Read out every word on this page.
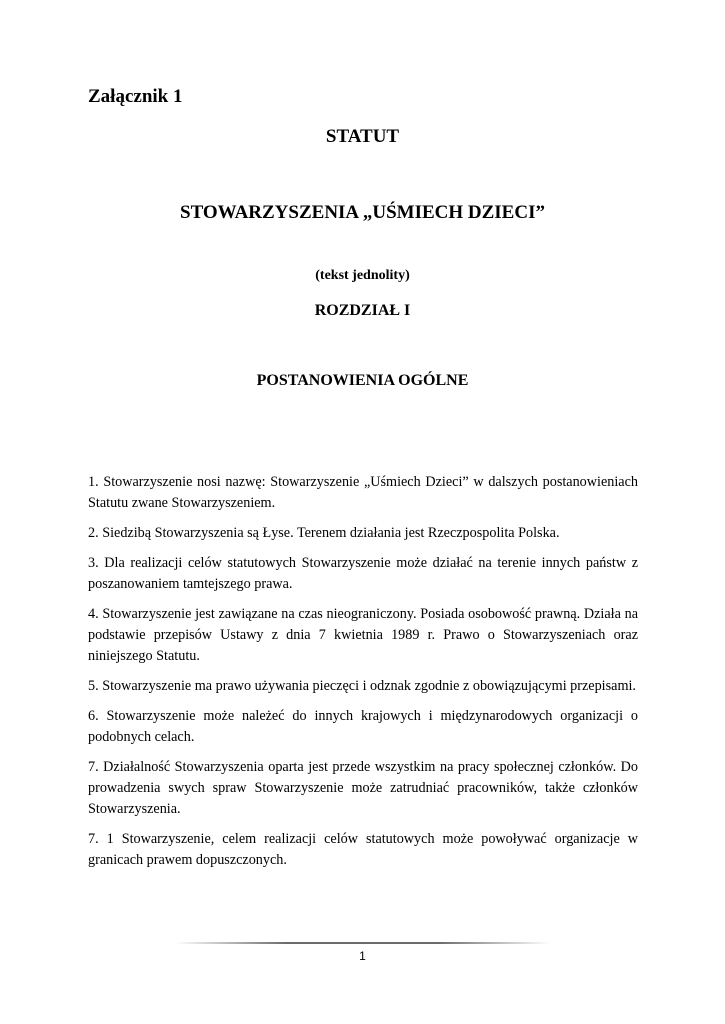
Załącznik 1

STATUT

STOWARZYSZENIA „UŚMIECH DZIECI”

(tekst jednolity)

ROZDZIAŁ I

POSTANOWIENIA OGÓLNE

1. Stowarzyszenie nosi nazwę: Stowarzyszenie „Uśmiech Dzieci” w dalszych postanowieniach Statutu zwane Stowarzyszeniem.

2. Siedzibą Stowarzyszenia są Łyse. Terenem działania jest Rzeczpospolita Polska.

3. Dla realizacji celów statutowych Stowarzyszenie może działać na terenie innych państw z poszanowaniem tamtejszego prawa.

4. Stowarzyszenie jest zawiązane na czas nieograniczony. Posiada osobowość prawną. Działa na podstawie przepisów Ustawy z dnia 7 kwietnia 1989 r. Prawo o Stowarzyszeniach oraz niniejszego Statutu.

5. Stowarzyszenie ma prawo używania pieczęci i odznak zgodnie z obowiązującymi przepisami.

6. Stowarzyszenie może należeć do innych krajowych i międzynarodowych organizacji o podobnych celach.

7. Działalność Stowarzyszenia oparta jest przede wszystkim na pracy społecznej członków. Do prowadzenia swych spraw Stowarzyszenie może zatrudniać pracowników, także członków Stowarzyszenia.

7. 1 Stowarzyszenie, celem realizacji celów statutowych może powoływać organizacje w granicach prawem dopuszczonych.

1
